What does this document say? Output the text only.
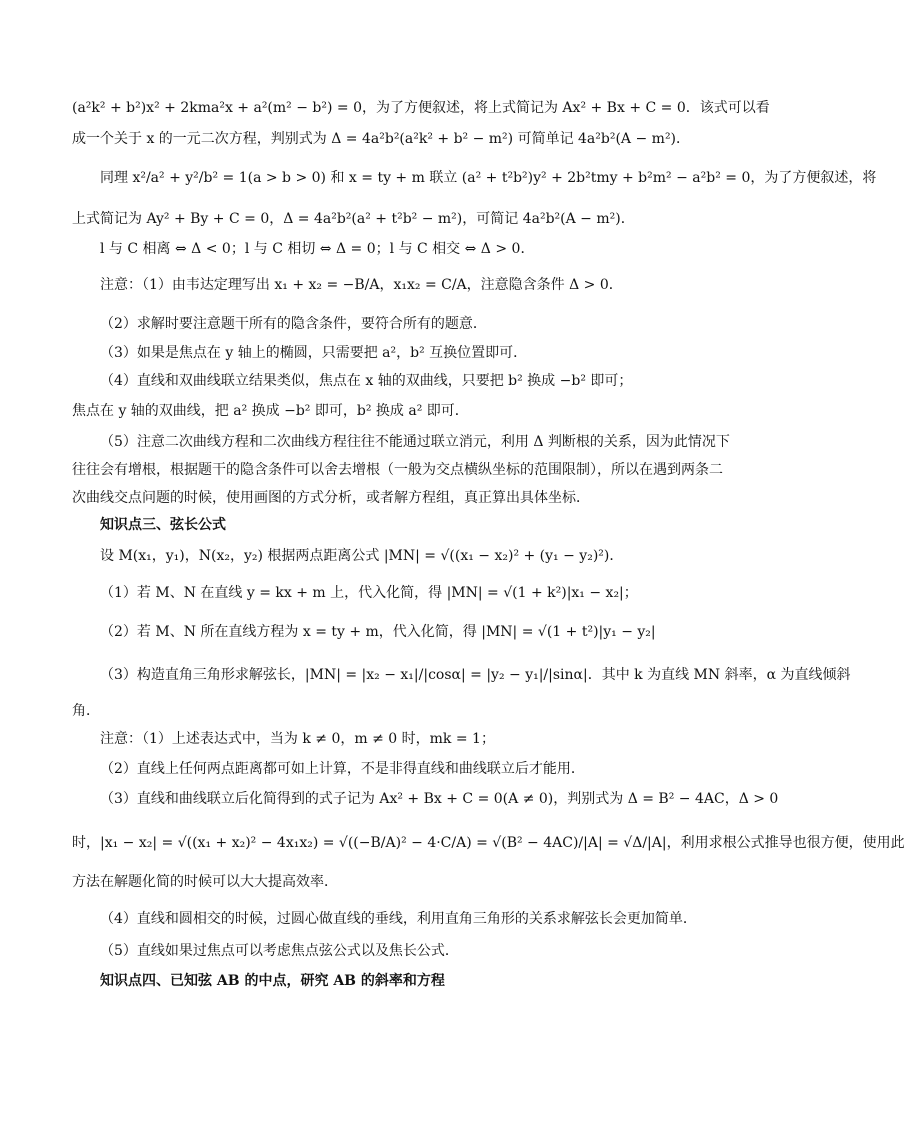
(a²k² + b²)x² + 2kma²x + a²(m² − b²) = 0，为了方便叙述，将上式简记为 Ax² + Bx + C = 0．该式可以看
成一个关于 x 的一元二次方程，判别式为 Δ = 4a²b²(a²k² + b² − m²) 可简单记 4a²b²(A − m²)．
同理 x²/a² + y²/b² = 1(a > b > 0) 和 x = ty + m 联立 (a² + t²b²)y² + 2b²tmy + b²m² − a²b² = 0，为了方便叙述，将
上式简记为 Ay² + By + C = 0，Δ = 4a²b²(a² + t²b² − m²)，可简记 4a²b²(A − m²)．
l 与 C 相离 ⇔ Δ < 0；l 与 C 相切 ⇔ Δ = 0；l 与 C 相交 ⇔ Δ > 0．
注意：（1）由韦达定理写出 x₁ + x₂ = −B/A，x₁x₂ = C/A，注意隐含条件 Δ > 0．
（2）求解时要注意题干所有的隐含条件，要符合所有的题意．
（3）如果是焦点在 y 轴上的椭圆，只需要把 a²，b² 互换位置即可．
（4）直线和双曲线联立结果类似，焦点在 x 轴的双曲线，只要把 b² 换成 −b² 即可；
焦点在 y 轴的双曲线，把 a² 换成 −b² 即可，b² 换成 a² 即可．
（5）注意二次曲线方程和二次曲线方程往往不能通过联立消元，利用 Δ 判断根的关系，因为此情况下
往往会有增根，根据题干的隐含条件可以舍去增根（一般为交点横纵坐标的范围限制），所以在遇到两条二
次曲线交点问题的时候，使用画图的方式分析，或者解方程组，真正算出具体坐标．
知识点三、弦长公式
设 M(x₁，y₁)，N(x₂，y₂) 根据两点距离公式 |MN| = √((x₁ − x₂)² + (y₁ − y₂)²)．
（1）若 M、N 在直线 y = kx + m 上，代入化简，得 |MN| = √(1 + k²)|x₁ − x₂|；
（2）若 M、N 所在直线方程为 x = ty + m，代入化简，得 |MN| = √(1 + t²)|y₁ − y₂|
（3）构造直角三角形求解弦长，|MN| = |x₂ − x₁|/|cosα| = |y₂ − y₁|/|sinα|．其中 k 为直线 MN 斜率，α 为直线倾斜
角．
注意：（1）上述表达式中，当为 k ≠ 0，m ≠ 0 时，mk = 1；
（2）直线上任何两点距离都可如上计算，不是非得直线和曲线联立后才能用．
（3）直线和曲线联立后化简得到的式子记为 Ax² + Bx + C = 0(A ≠ 0)，判别式为 Δ = B² − 4AC，Δ > 0
时，|x₁ − x₂| = √((x₁ + x₂)² − 4x₁x₂) = √((−B/A)² − 4·C/A) = √(B² − 4AC)/|A| = √Δ/|A|，利用求根公式推导也很方便，使用此
方法在解题化简的时候可以大大提高效率．
（4）直线和圆相交的时候，过圆心做直线的垂线，利用直角三角形的关系求解弦长会更加简单．
（5）直线如果过焦点可以考虑焦点弦公式以及焦长公式．
知识点四、已知弦 AB 的中点，研究 AB 的斜率和方程
